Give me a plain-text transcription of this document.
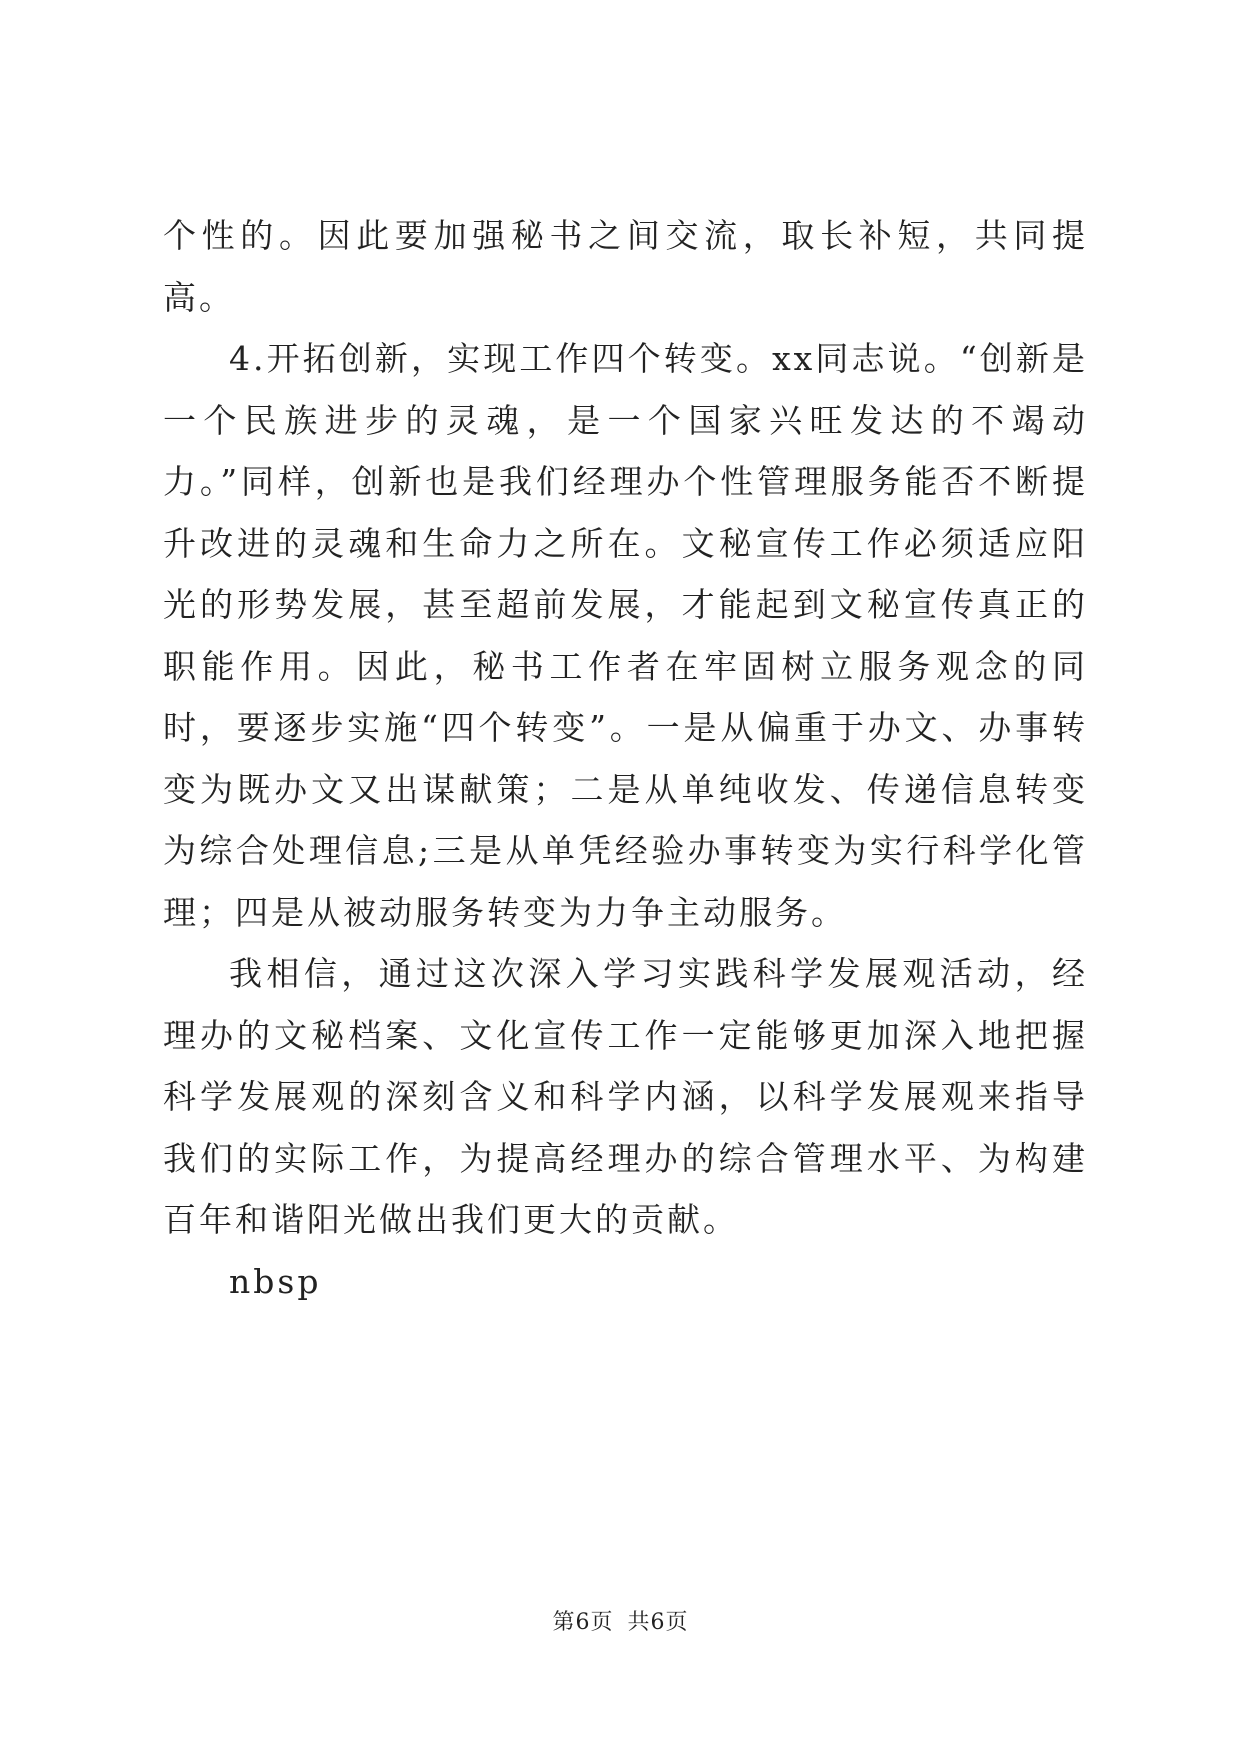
个性的。因此要加强秘书之间交流，取长补短，共同提高。

4.开拓创新，实现工作四个转变。xx同志说。“创新是一个民族进步的灵魂，是一个国家兴旺发达的不竭动力。”同样，创新也是我们经理办个性管理服务能否不断提升改进的灵魂和生命力之所在。文秘宣传工作必须适应阳光的形势发展，甚至超前发展，才能起到文秘宣传真正的职能作用。因此，秘书工作者在牢固树立服务观念的同时，要逐步实施“四个转变”。一是从偏重于办文、办事转变为既办文又出谋献策；二是从单纯收发、传递信息转变为综合处理信息;三是从单凭经验办事转变为实行科学化管理；四是从被动服务转变为力争主动服务。

我相信，通过这次深入学习实践科学发展观活动，经理办的文秘档案、文化宣传工作一定能够更加深入地把握科学发展观的深刻含义和科学内涵，以科学发展观来指导我们的实际工作，为提高经理办的综合管理水平、为构建百年和谐阳光做出我们更大的贡献。

nbsp

第6页 共6页
